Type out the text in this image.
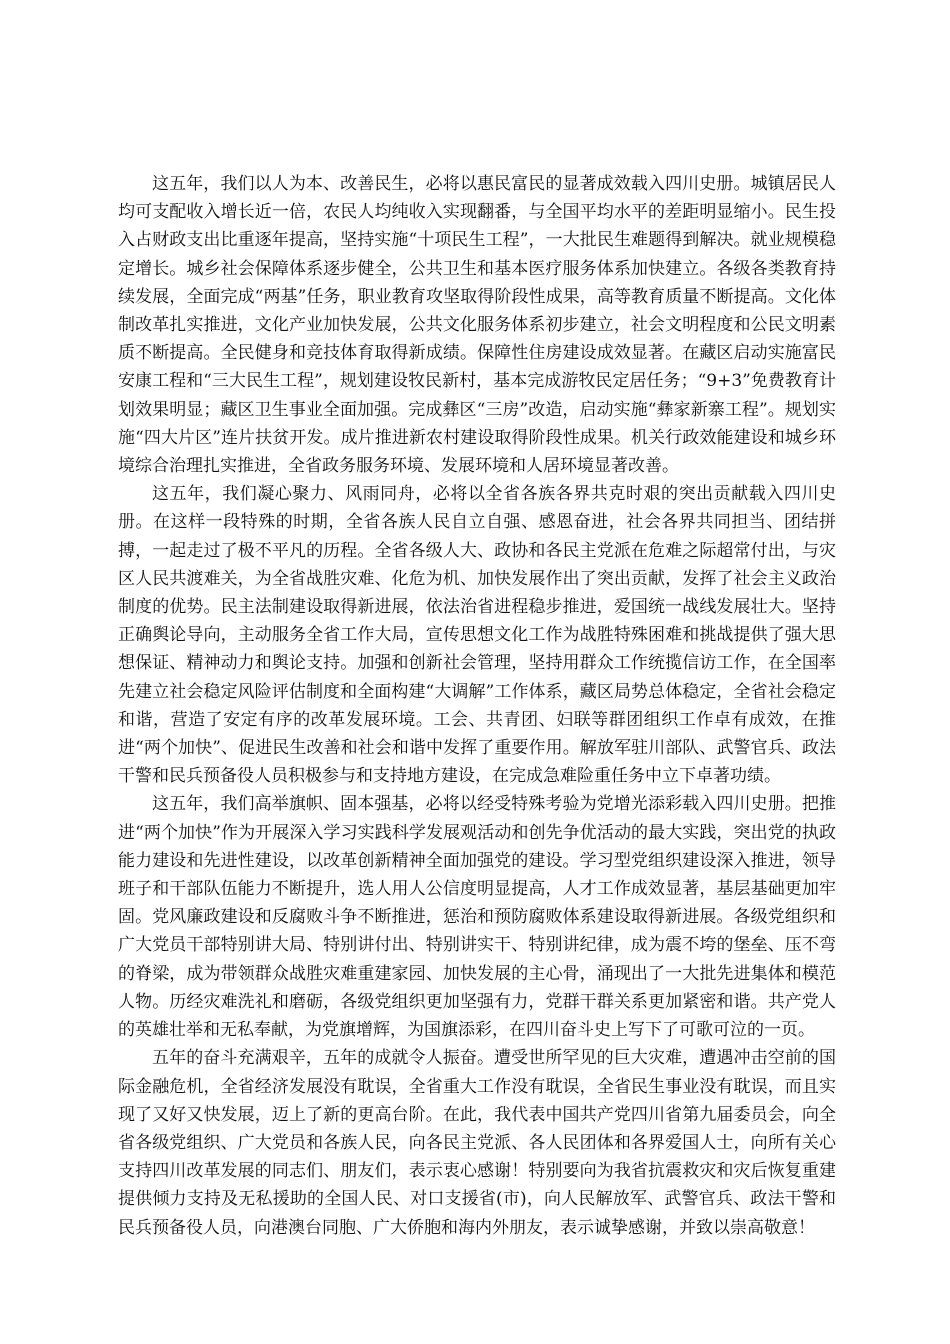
这五年，我们以人为本、改善民生，必将以惠民富民的显著成效载入四川史册。城镇居民人均可支配收入增长近一倍，农民人均纯收入实现翻番，与全国平均水平的差距明显缩小。民生投入占财政支出比重逐年提高，坚持实施“十项民生工程”，一大批民生难题得到解决。就业规模稳定增长。城乡社会保障体系逐步健全，公共卫生和基本医疗服务体系加快建立。各级各类教育持续发展，全面完成“两基”任务，职业教育攻坚取得阶段性成果，高等教育质量不断提高。文化体制改革扎实推进，文化产业加快发展，公共文化服务体系初步建立，社会文明程度和公民文明素质不断提高。全民健身和竞技体育取得新成绩。保障性住房建设成效显著。在藏区启动实施富民安康工程和“三大民生工程”，规划建设牧民新村，基本完成游牧民定居任务；“9+3”免费教育计划效果明显；藏区卫生事业全面加强。完成彝区“三房”改造，启动实施“彝家新寨工程”。规划实施“四大片区”连片扶贫开发。成片推进新农村建设取得阶段性成果。机关行政效能建设和城乡环境综合治理扎实推进，全省政务服务环境、发展环境和人居环境显著改善。

这五年，我们凝心聚力、风雨同舟，必将以全省各族各界共克时艰的突出贡献载入四川史册。在这样一段特殊的时期，全省各族人民自立自强、感恩奋进，社会各界共同担当、团结拼搏，一起走过了极不平凡的历程。全省各级人大、政协和各民主党派在危难之际超常付出，与灾区人民共渡难关，为全省战胜灾难、化危为机、加快发展作出了突出贡献，发挥了社会主义政治制度的优势。民主法制建设取得新进展，依法治省进程稳步推进，爱国统一战线发展壮大。坚持正确舆论导向，主动服务全省工作大局，宣传思想文化工作为战胜特殊困难和挑战提供了强大思想保证、精神动力和舆论支持。加强和创新社会管理，坚持用群众工作统揽信访工作，在全国率先建立社会稳定风险评估制度和全面构建“大调解”工作体系，藏区局势总体稳定，全省社会稳定和谐，营造了安定有序的改革发展环境。工会、共青团、妇联等群团组织工作卓有成效，在推进“两个加快”、促进民生改善和社会和谐中发挥了重要作用。解放军驻川部队、武警官兵、政法干警和民兵预备役人员积极参与和支持地方建设，在完成急难险重任务中立下卓著功绩。

这五年，我们高举旗帜、固本强基，必将以经受特殊考验为党增光添彩载入四川史册。把推进“两个加快”作为开展深入学习实践科学发展观活动和创先争优活动的最大实践，突出党的执政能力建设和先进性建设，以改革创新精神全面加强党的建设。学习型党组织建设深入推进，领导班子和干部队伍能力不断提升，选人用人公信度明显提高，人才工作成效显著，基层基础更加牢固。党风廉政建设和反腐败斗争不断推进，惩治和预防腐败体系建设取得新进展。各级党组织和广大党员干部特别讲大局、特别讲付出、特别讲实干、特别讲纪律，成为震不垮的堡垒、压不弯的脊梁，成为带领群众战胜灾难重建家园、加快发展的主心骨，涌现出了一大批先进集体和模范人物。历经灾难洗礼和磨砺，各级党组织更加坚强有力，党群干群关系更加紧密和谐。共产党人的英雄壮举和无私奉献，为党旗增辉，为国旗添彩，在四川奋斗史上写下了可歌可泣的一页。

五年的奋斗充满艰辛，五年的成就令人振奋。遭受世所罕见的巨大灾难，遭遇冲击空前的国际金融危机，全省经济发展没有耽误，全省重大工作没有耽误，全省民生事业没有耽误，而且实现了又好又快发展，迈上了新的更高台阶。在此，我代表中国共产党四川省第九届委员会，向全省各级党组织、广大党员和各族人民，向各民主党派、各人民团体和各界爱国人士，向所有关心支持四川改革发展的同志们、朋友们，表示衷心感谢！特别要向为我省抗震救灾和灾后恢复重建提供倾力支持及无私援助的全国人民、对口支援省(市)，向人民解放军、武警官兵、政法干警和民兵预备役人员，向港澳台同胞、广大侨胞和海内外朋友，表示诚挚感谢，并致以崇高敬意！
